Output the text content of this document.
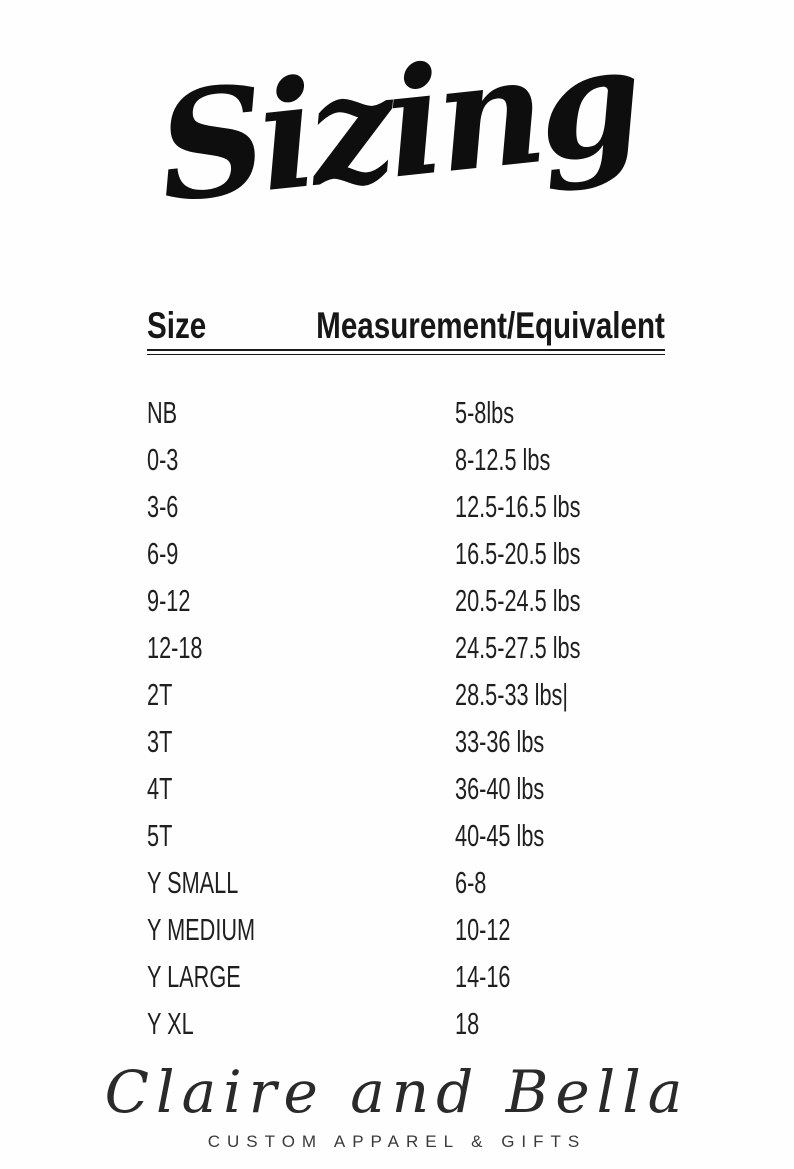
Sizing
Size	Measurement/Equivalent
NB	5-8lbs
0-3	8-12.5 lbs
3-6	12.5-16.5 lbs
6-9	16.5-20.5 lbs
9-12	20.5-24.5 lbs
12-18	24.5-27.5 lbs
2T	28.5-33 lbs|
3T	33-36 lbs
4T	36-40 lbs
5T	40-45 lbs
Y SMALL	6-8
Y MEDIUM	10-12
Y LARGE	14-16
Y XL	18
Claire and Bella
CUSTOM APPAREL & GIFTS
